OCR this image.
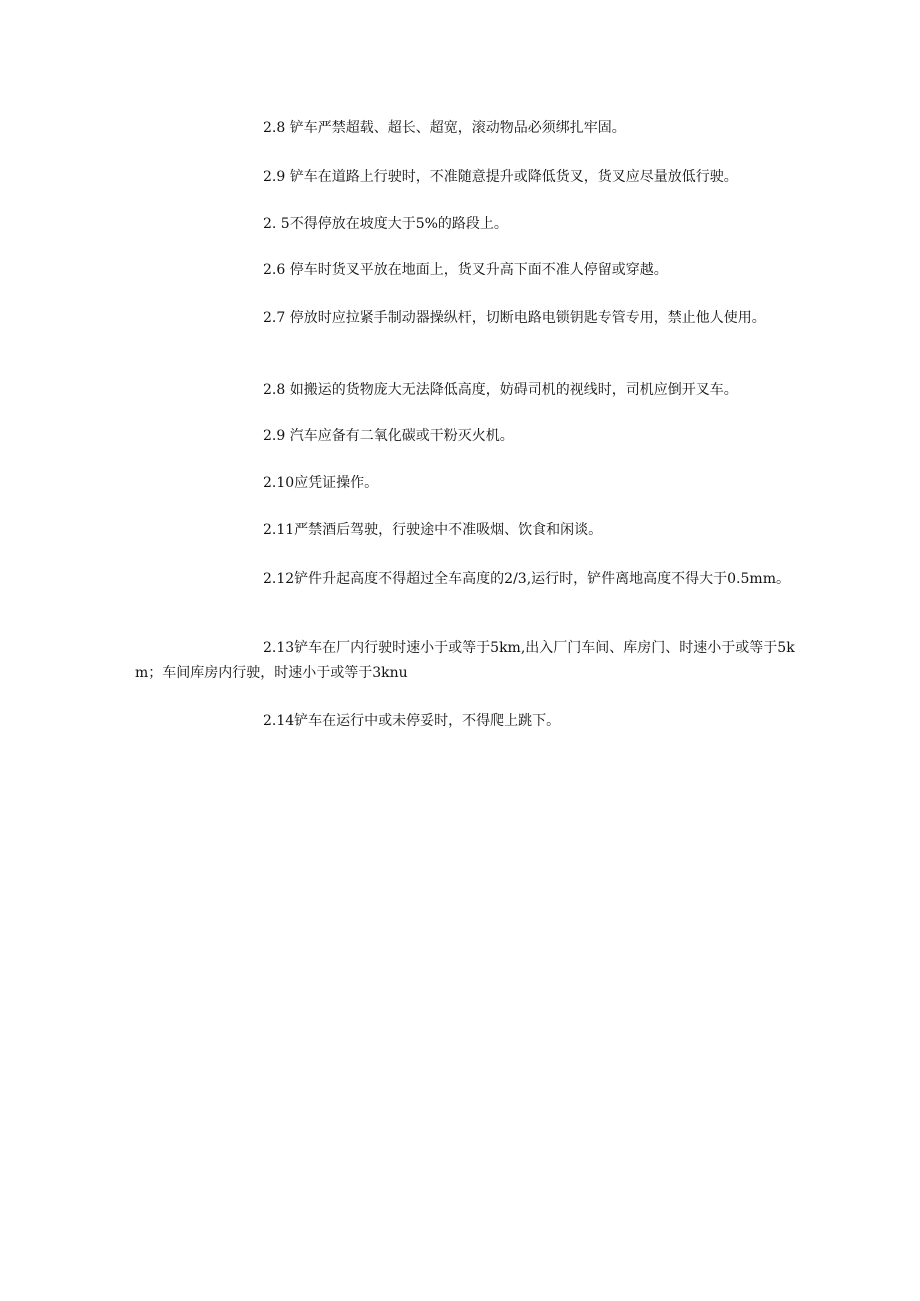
2.8 铲车严禁超载、超长、超宽，滚动物品必须绑扎牢固。

2.9 铲车在道路上行驶时，不准随意提升或降低货叉，货叉应尽量放低行驶。

2. 5不得停放在坡度大于5%的路段上。

2.6 停车时货叉平放在地面上，货叉升高下面不准人停留或穿越。

2.7 停放时应拉紧手制动器操纵杆，切断电路电锁钥匙专管专用，禁止他人使用。

2.8 如搬运的货物庞大无法降低高度，妨碍司机的视线时，司机应倒开叉车。

2.9 汽车应备有二氧化碳或干粉灭火机。

2.10应凭证操作。

2.11严禁酒后驾驶，行驶途中不准吸烟、饮食和闲谈。

2.12铲件升起高度不得超过全车高度的2/3,运行时，铲件离地高度不得大于0.5mm。

2.13铲车在厂内行驶时速小于或等于5km,出入厂门车间、库房门、时速小于或等于5km；车间库房内行驶，时速小于或等于3knu

2.14铲车在运行中或未停妥时，不得爬上跳下。
